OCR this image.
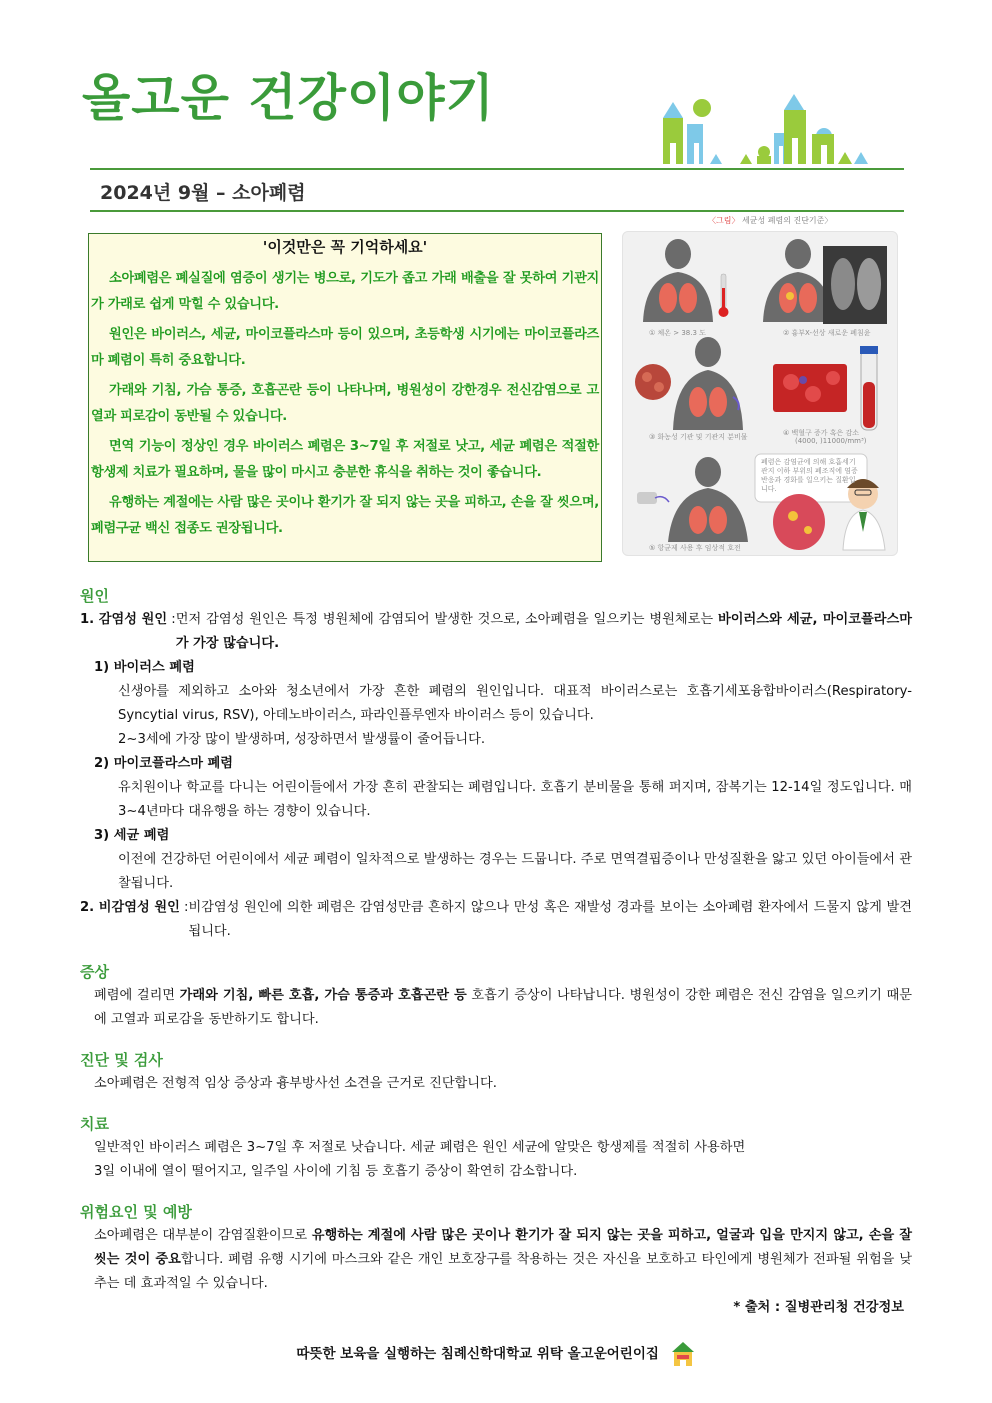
올고운 건강이야기
2024년 9월 – 소아폐렴
'이것만은 꼭 기억하세요'

소아폐렴은 폐실질에 염증이 생기는 병으로, 기도가 좁고 가래 배출을 잘 못하여 기관지가 가래로 쉽게 막힐 수 있습니다.

원인은 바이러스, 세균, 마이코플라스마 등이 있으며, 초등학생 시기에는 마이코플라즈마 폐렴이 특히 중요합니다.

가래와 기침, 가슴 통증, 호흡곤란 등이 나타나며, 병원성이 강한경우 전신감염으로 고열과 피로감이 동반될 수 있습니다.

면역 기능이 정상인 경우 바이러스 폐렴은 3~7일 후 저절로 낫고, 세균 폐렴은 적절한 항생제 치료가 필요하며, 물을 많이 마시고 충분한 휴식을 취하는 것이 좋습니다.

유행하는 계절에는 사람 많은 곳이나 환기가 잘 되지 않는 곳을 피하고, 손을 잘 씻으며, 폐렴구균 백신 접종도 권장됩니다.

〈그림〉 세균성 폐렴의 진단기준〉
① 체온 > 38.3 도	② 흉부X-선상 새로운 폐침윤
③ 화농성 기관 및 기관지 분비물	④ 백혈구 증가 혹은 감소
(4000, )11000/mm³)
⑤ 항균제 사용 후 임상적 호전
폐렴은 감염균에 의해 호흡세기관지 이하 부위의 폐조직에 염증반응과 경화를 일으키는 질환입니다.
원인
1. 감염성 원인 : 먼저 감염성 원인은 특정 병원체에 감염되어 발생한 것으로, 소아폐렴을 일으키는 병원체로는 바이러스와 세균, 마이코플라스마가 가장 많습니다.
1) 바이러스 폐렴
신생아를 제외하고 소아와 청소년에서 가장 흔한 폐렴의 원인입니다. 대표적 바이러스로는 호흡기세포융합바이러스(Respiratory-Syncytial virus, RSV), 아데노바이러스, 파라인플루엔자 바이러스 등이 있습니다.
2~3세에 가장 많이 발생하며, 성장하면서 발생률이 줄어듭니다.
2) 마이코플라스마 폐렴
유치원이나 학교를 다니는 어린이들에서 가장 흔히 관찰되는 폐렴입니다. 호흡기 분비물을 통해 퍼지며, 잠복기는 12-14일 정도입니다. 매 3~4년마다 대유행을 하는 경향이 있습니다.
3) 세균 폐렴
이전에 건강하던 어린이에서 세균 폐렴이 일차적으로 발생하는 경우는 드뭅니다. 주로 면역결핍증이나 만성질환을 앓고 있던 아이들에서 관찰됩니다.
2. 비감염성 원인 : 비감염성 원인에 의한 폐렴은 감염성만큼 흔하지 않으나 만성 혹은 재발성 경과를 보이는 소아폐렴 환자에서 드물지 않게 발견됩니다.
증상
폐렴에 걸리면 가래와 기침, 빠른 호흡, 가슴 통증과 호흡곤란 등 호흡기 증상이 나타납니다. 병원성이 강한 폐렴은 전신 감염을 일으키기 때문에 고열과 피로감을 동반하기도 합니다.
진단 및 검사
소아폐렴은 전형적 임상 증상과 흉부방사선 소견을 근거로 진단합니다.
치료
일반적인 바이러스 폐렴은 3~7일 후 저절로 낫습니다. 세균 폐렴은 원인 세균에 알맞은 항생제를 적절히 사용하면
3일 이내에 열이 떨어지고, 일주일 사이에 기침 등 호흡기 증상이 확연히 감소합니다.
위험요인 및 예방
소아폐렴은 대부분이 감염질환이므로 유행하는 계절에 사람 많은 곳이나 환기가 잘 되지 않는 곳을 피하고, 얼굴과 입을 만지지 않고, 손을 잘 씻는 것이 중요합니다. 폐렴 유행 시기에 마스크와 같은 개인 보호장구를 착용하는 것은 자신을 보호하고 타인에게 병원체가 전파될 위험을 낮추는 데 효과적일 수 있습니다.
* 출처 : 질병관리청 건강정보
따뜻한 보육을 실행하는 침례신학대학교 위탁 올고운어린이집
